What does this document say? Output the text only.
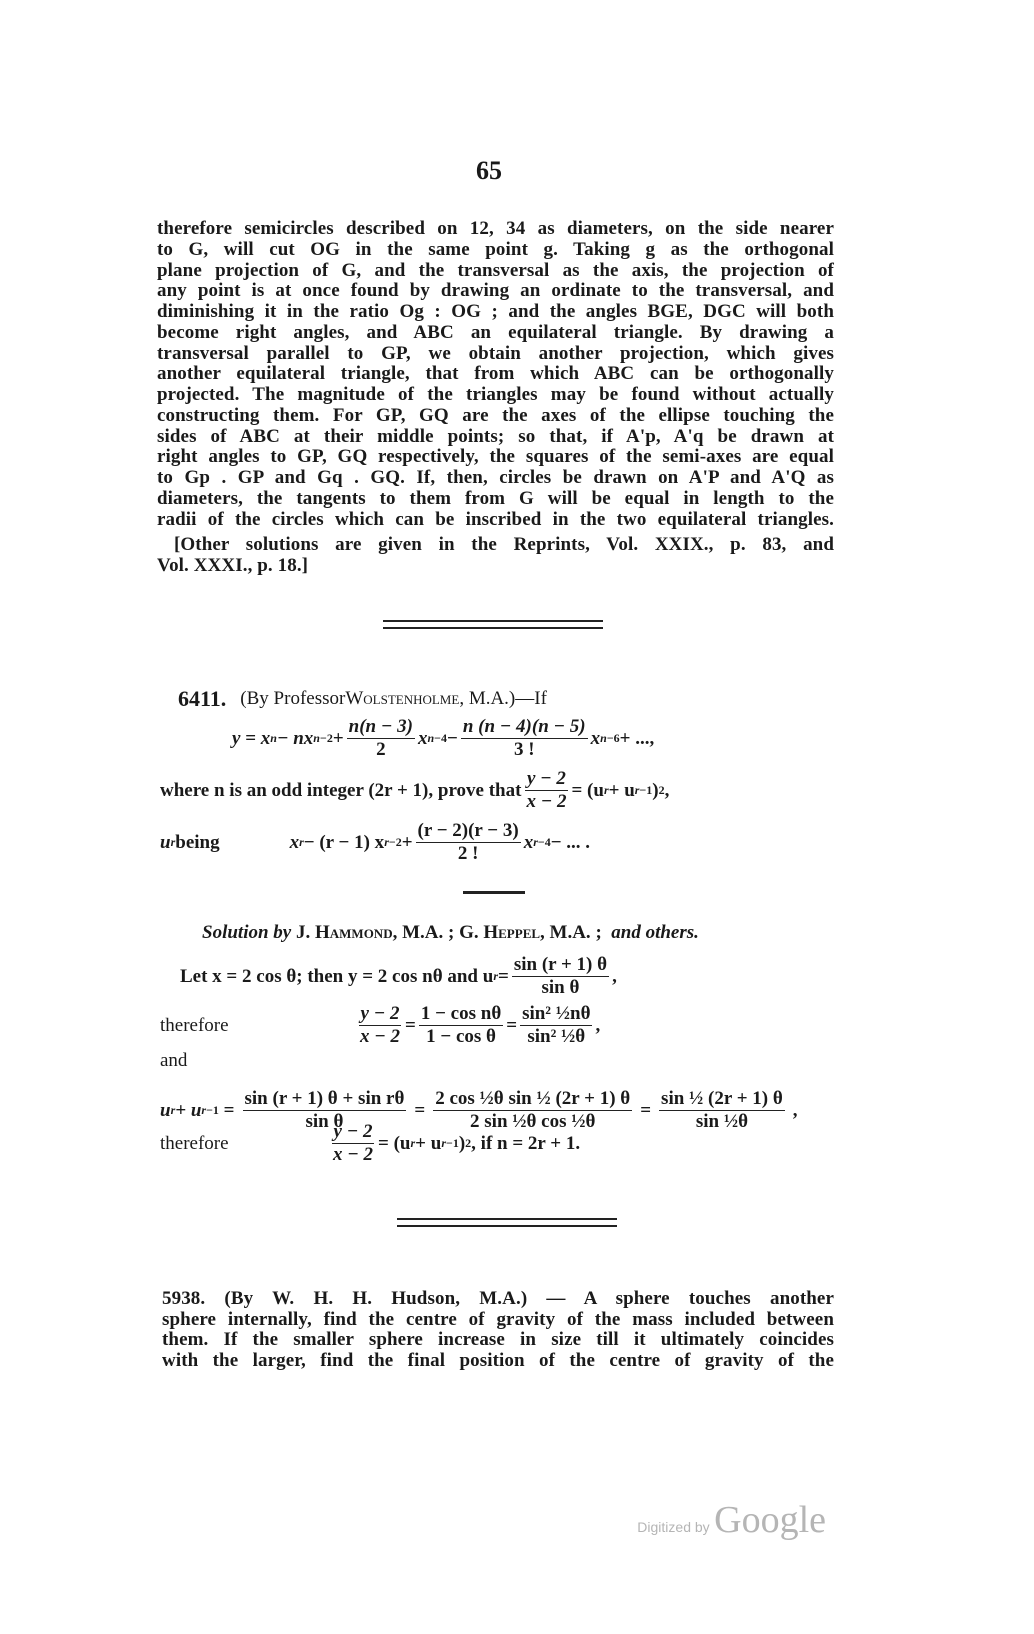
65
therefore semicircles described on 12, 34 as diameters, on the side nearer
to G, will cut OG in the same point g. Taking g as the orthogonal
plane projection of G, and the transversal as the axis, the projection of
any point is at once found by drawing an ordinate to the transversal, and
diminishing it in the ratio Og : OG ; and the angles BGE, DGC will both
become right angles, and ABC an equilateral triangle. By drawing a
transversal parallel to GP, we obtain another projection, which gives
another equilateral triangle, that from which ABC can be orthogonally
projected. The magnitude of the triangles may be found without actually
constructing them. For GP, GQ are the axes of the ellipse touching the
sides of ABC at their middle points; so that, if A'p, A'q be drawn at
right angles to GP, GQ respectively, the squares of the semi-axes are equal
to Gp . GP and Gq . GQ. If, then, circles be drawn on A'P and A'Q as
diameters, the tangents to them from G will be equal in length to the
radii of the circles which can be inscribed in the two equilateral triangles.
[Other solutions are given in the Reprints, Vol. XXIX., p. 83, and
Vol. XXXI., p. 18.]
6411. (By Professor Wolstenholme , M.A.)—If
y = x n − nx $n-2 + \frac{n(n - 3)}{2}$ x $n-4 - \frac{n (n - 4)(n - 5)}{3 !}$ x n−6 + ...,
where n is an odd integer (2r + 1), prove that $\frac{y - 2}{x - 2} = (u$ r + u r−1 ) 2 ,
u r being	x r − (r − 1) x $r-2 + \frac{(r - 2)(r - 3)}{2 !}$ x r−4 − ... .
Solution by
J. Hammond , M.A. ; G. Heppel , M.A. ; and others.
Let x = 2 cos θ; then y = 2 cos nθ and u $r = \frac{\sin (r + 1) \theta}{\text{sin θ}}$ ,
therefore	$\frac{y - 2}{x - 2} = \frac{\text{1 − cos nθ}}{\text{1 − cos θ}} = \frac{\text{sin² ½nθ}}{\text{sin² ½θ}}$ ,
and
u r + u $r-1 = \frac{\text{sin (r + 1) θ + sin rθ}}{\text{sin θ}} = \frac{\text{2 cos ½θ sin ½ (2r + 1) θ}}{\text{2 sin ½θ cos ½θ}} = \frac{\text{sin ½ (2r + 1) θ}}{\text{sin ½θ}}$ ,
therefore	$\frac{y - 2}{x - 2} = (u$ r + u r−1 ) 2 , if n = 2r + 1.
5938. (By W. H. H. Hudson, M.A.) — A sphere touches another
sphere internally, find the centre of gravity of the mass included between
them. If the smaller sphere increase in size till it ultimately coincides
with the larger, find the final position of the centre of gravity of the
Digitized by Google
